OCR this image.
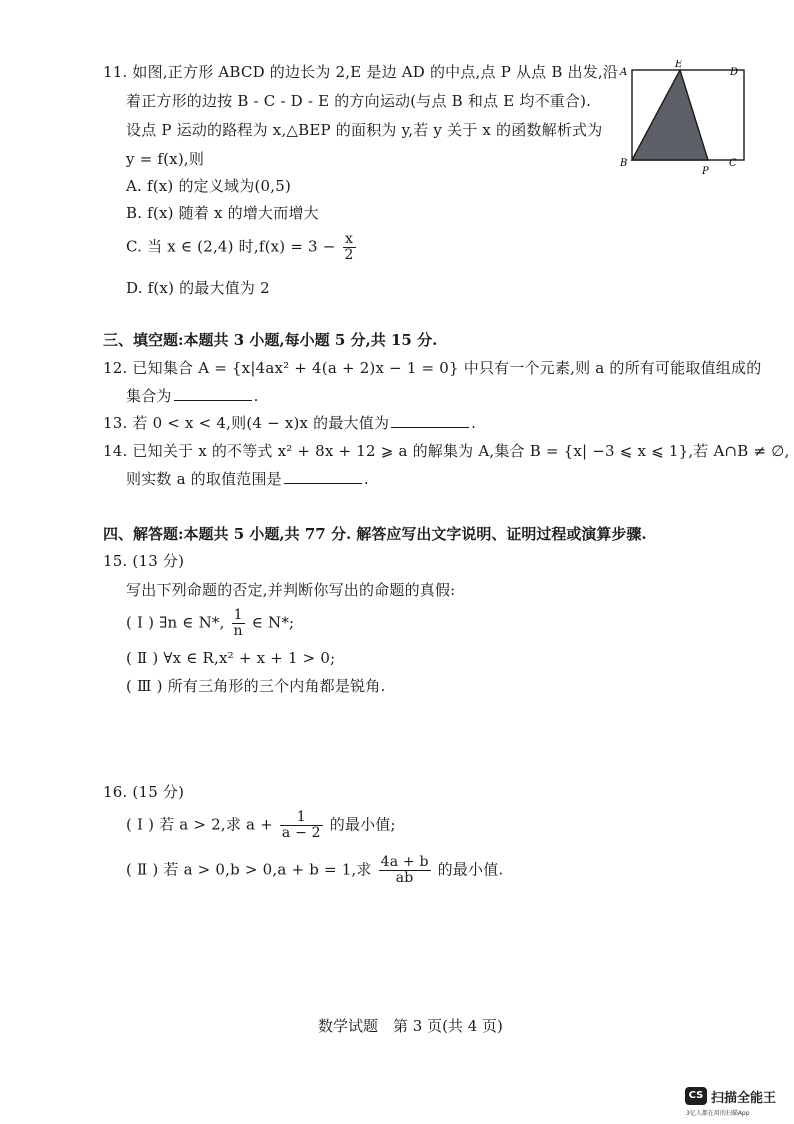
11. 如图,正方形 ABCD 的边长为 2,E 是边 AD 的中点,点 P 从点 B 出发,沿
着正方形的边按 B - C - D - E 的方向运动(与点 B 和点 E 均不重合).
设点 P 运动的路程为 x,△BEP 的面积为 y,若 y 关于 x 的函数解析式为
y = f(x),则
A. f(x) 的定义域为(0,5)
B. f(x) 随着 x 的增大而增大
C. 当 x ∈ (2,4) 时$,f(x) = 3 - \frac{x}{2}$
D. f(x) 的最大值为 2
A
E
D
B
P
C
三、填空题:本题共 3 小题,每小题 5 分,共 15 分.
12. 已知集合 A = {x|4ax² + 4(a + 2)x − 1 = 0} 中只有一个元素,则 a 的所有可能取值组成的
集合为	.
13. 若 0 < x < 4,则(4 − x)x 的最大值为	.
14. 已知关于 x 的不等式 x² + 8x + 12 ⩾ a 的解集为 A,集合 B = {x| −3 ⩽ x ⩽ 1},若 A∩B ≠ ∅,
则实数 a 的取值范围是	.
四、解答题:本题共 5 小题,共 77 分. 解答应写出文字说明、证明过程或演算步骤.
15. (13 分)
写出下列命题的否定,并判断你写出的命题的真假:
( Ⅰ ) ∃n ∈ N*, $\frac{1}{n}$ ∈ N*;
( Ⅱ ) ∀x ∈ R,x² + x + 1 > 0;
( Ⅲ ) 所有三角形的三个内角都是锐角.
16. (15 分)
( Ⅰ ) 若 a > 2,求 $a + \frac{1}{a - 2}$ 的最小值;
( Ⅱ ) 若 a > 0,b > 0,a + b = 1,求 $\frac{4a + b}{ab}$ 的最小值.
数学试题　第 3 页(共 4 页)
CS 扫描全能王
3亿人都在用的扫描App
